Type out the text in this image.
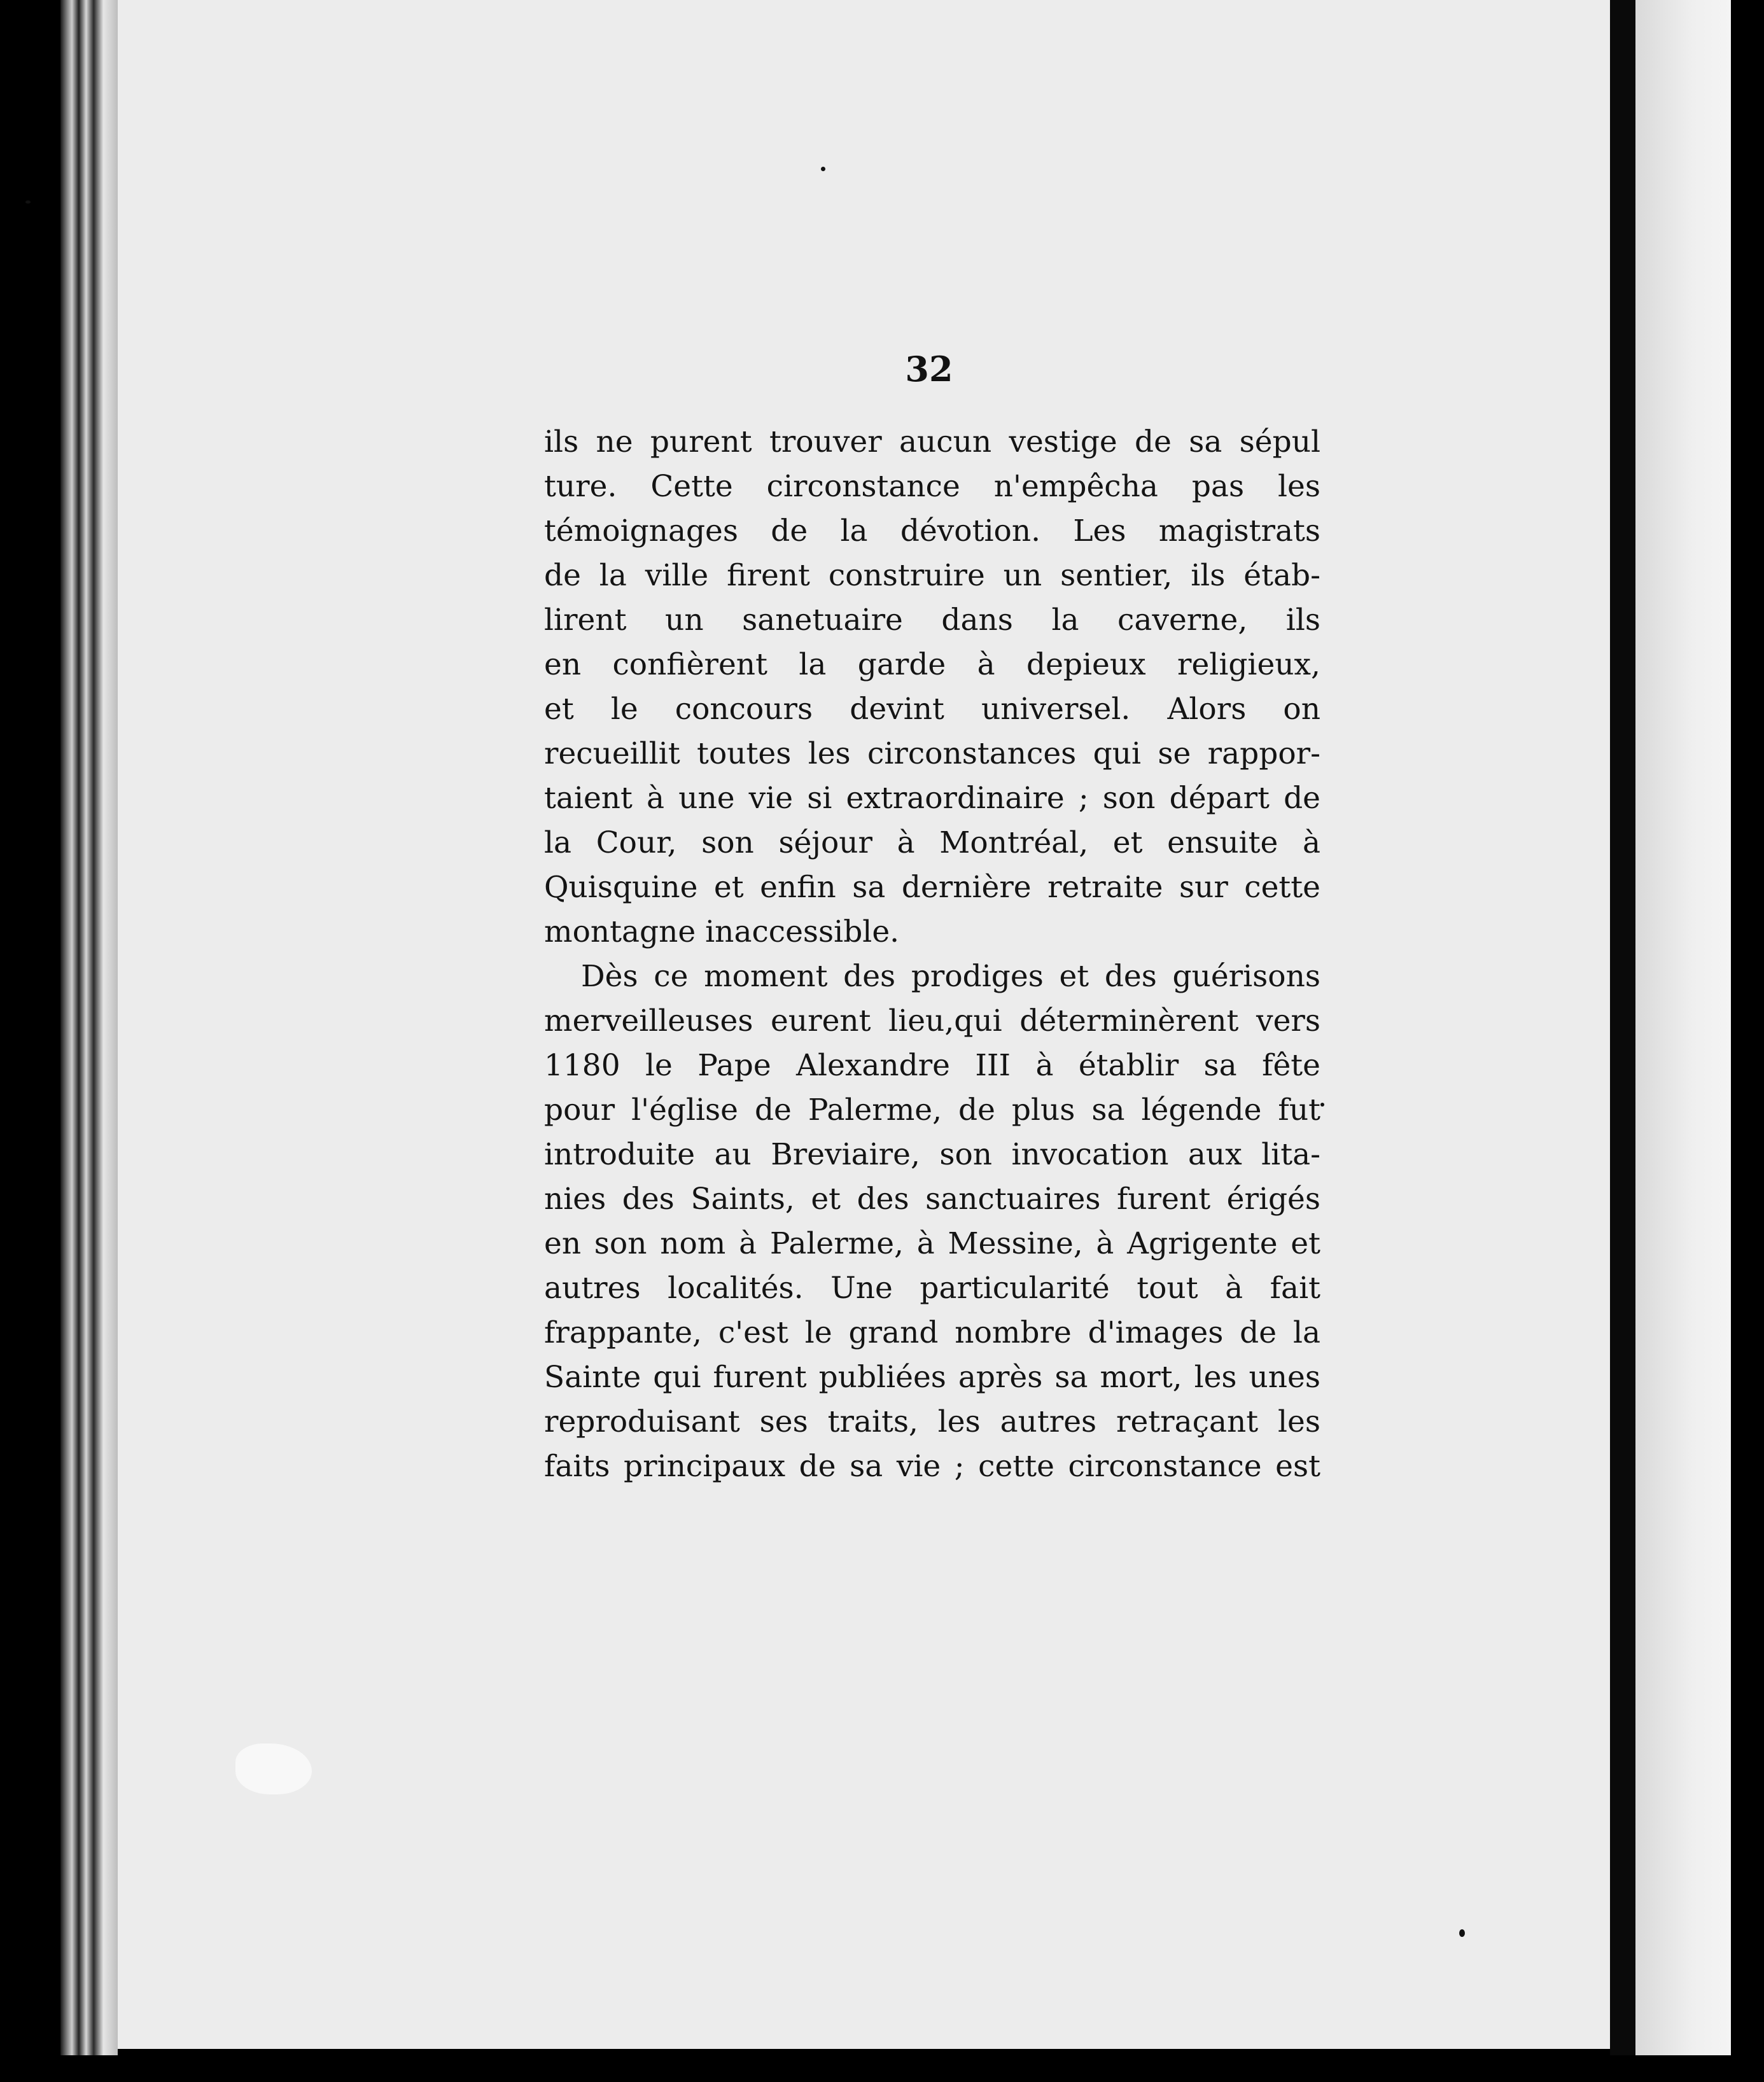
32
ils ne purent trouver aucun vestige de sa sépul
ture. Cette circonstance n'empêcha pas les
témoignages de la dévotion. Les magistrats
de la ville firent construire un sentier, ils étab-
lirent un sanetuaire dans la caverne, ils
en confièrent la garde à depieux religieux,
et le concours devint universel. Alors on
recueillit toutes les circonstances qui se rappor-
taient à une vie si extraordinaire ; son départ de
la Cour, son séjour à Montréal, et ensuite à
Quisquine et enfin sa dernière retraite sur cette
montagne inaccessible.
Dès ce moment des prodiges et des guérisons
merveilleuses eurent lieu,qui déterminèrent vers
1180 le Pape Alexandre III à établir sa fête
pour l'église de Palerme, de plus sa légende fut
introduite au Breviaire, son invocation aux lita-
nies des Saints, et des sanctuaires furent érigés
en son nom à Palerme, à Messine, à Agrigente et
autres localités. Une particularité tout à fait
frappante, c'est le grand nombre d'images de la
Sainte qui furent publiées après sa mort, les unes
reproduisant ses traits, les autres retraçant les
faits principaux de sa vie ; cette circonstance est
